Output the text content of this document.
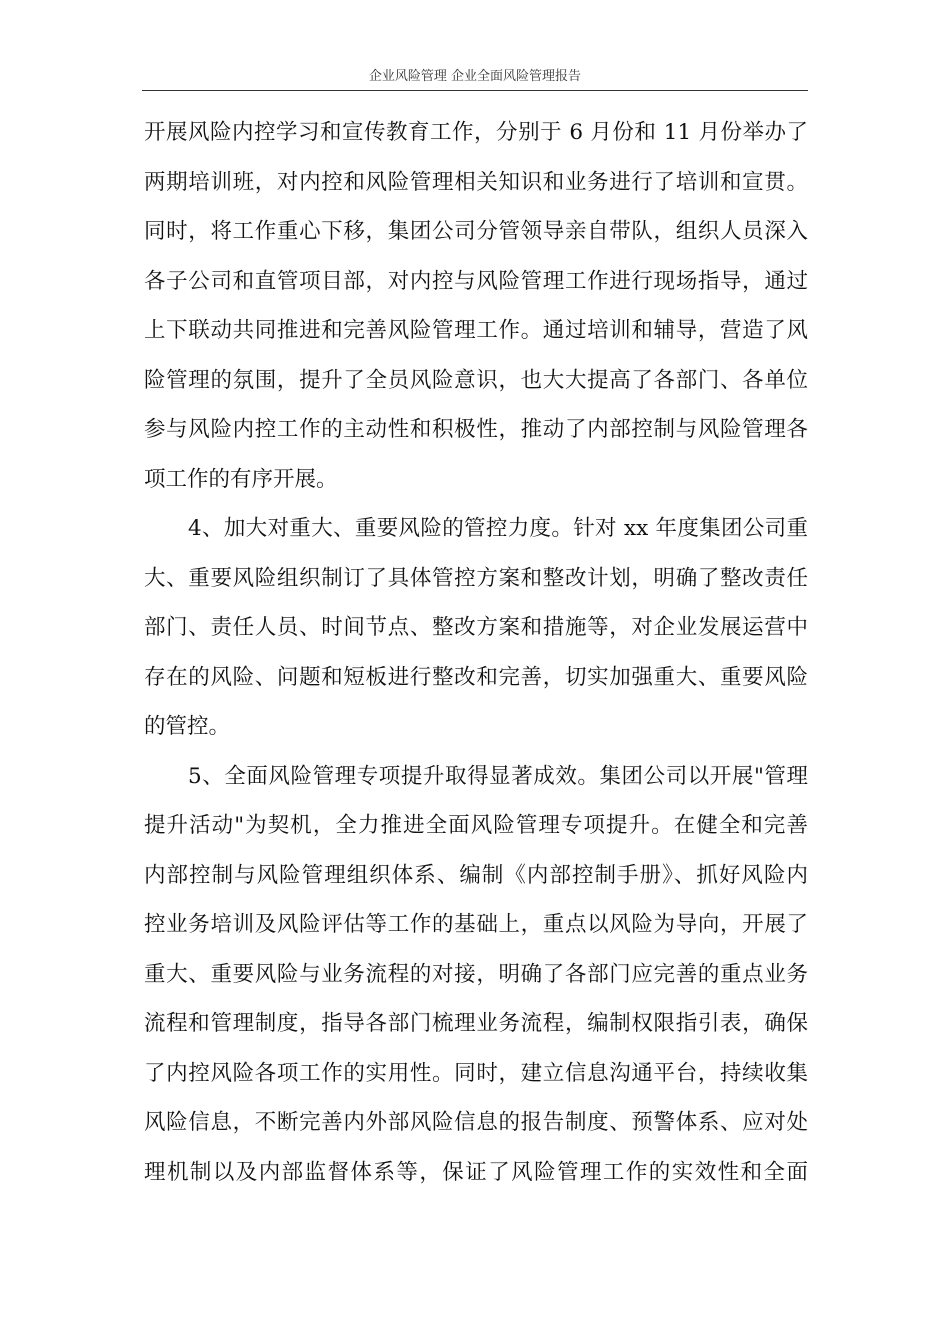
企业风险管理 企业全面风险管理报告
开展风险内控学习和宣传教育工作，分别于 6 月份和 11 月份举办了
两期培训班，对内控和风险管理相关知识和业务进行了培训和宣贯。
同时，将工作重心下移，集团公司分管领导亲自带队，组织人员深入
各子公司和直管项目部，对内控与风险管理工作进行现场指导，通过
上下联动共同推进和完善风险管理工作。通过培训和辅导，营造了风
险管理的氛围，提升了全员风险意识，也大大提高了各部门、各单位
参与风险内控工作的主动性和积极性，推动了内部控制与风险管理各
项工作的有序开展。
4、加大对重大、重要风险的管控力度。针对 xx 年度集团公司重
大、重要风险组织制订了具体管控方案和整改计划，明确了整改责任
部门、责任人员、时间节点、整改方案和措施等，对企业发展运营中
存在的风险、问题和短板进行整改和完善，切实加强重大、重要风险
的管控。
5、全面风险管理专项提升取得显著成效。集团公司以开展"管理
提升活动"为契机，全力推进全面风险管理专项提升。在健全和完善
内部控制与风险管理组织体系、编制《内部控制手册》、抓好风险内
控业务培训及风险评估等工作的基础上，重点以风险为导向，开展了
重大、重要风险与业务流程的对接，明确了各部门应完善的重点业务
流程和管理制度，指导各部门梳理业务流程，编制权限指引表，确保
了内控风险各项工作的实用性。同时，建立信息沟通平台，持续收集
风险信息，不断完善内外部风险信息的报告制度、预警体系、应对处
理机制以及内部监督体系等，保证了风险管理工作的实效性和全面
